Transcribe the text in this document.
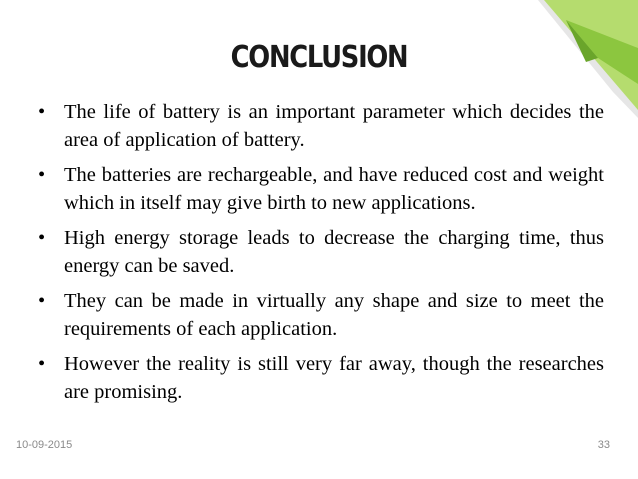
CONCLUSION
• The life of battery is an important parameter which decides the area of application of battery.
• The batteries are rechargeable, and have reduced cost and weight which in itself may give birth to new applications.
• High energy storage leads to decrease the charging time, thus energy can be saved.
• They can be made in virtually any shape and size to meet the requirements of each application.
• However the reality is still very far away, though the researches are promising.
10-09-2015	33
